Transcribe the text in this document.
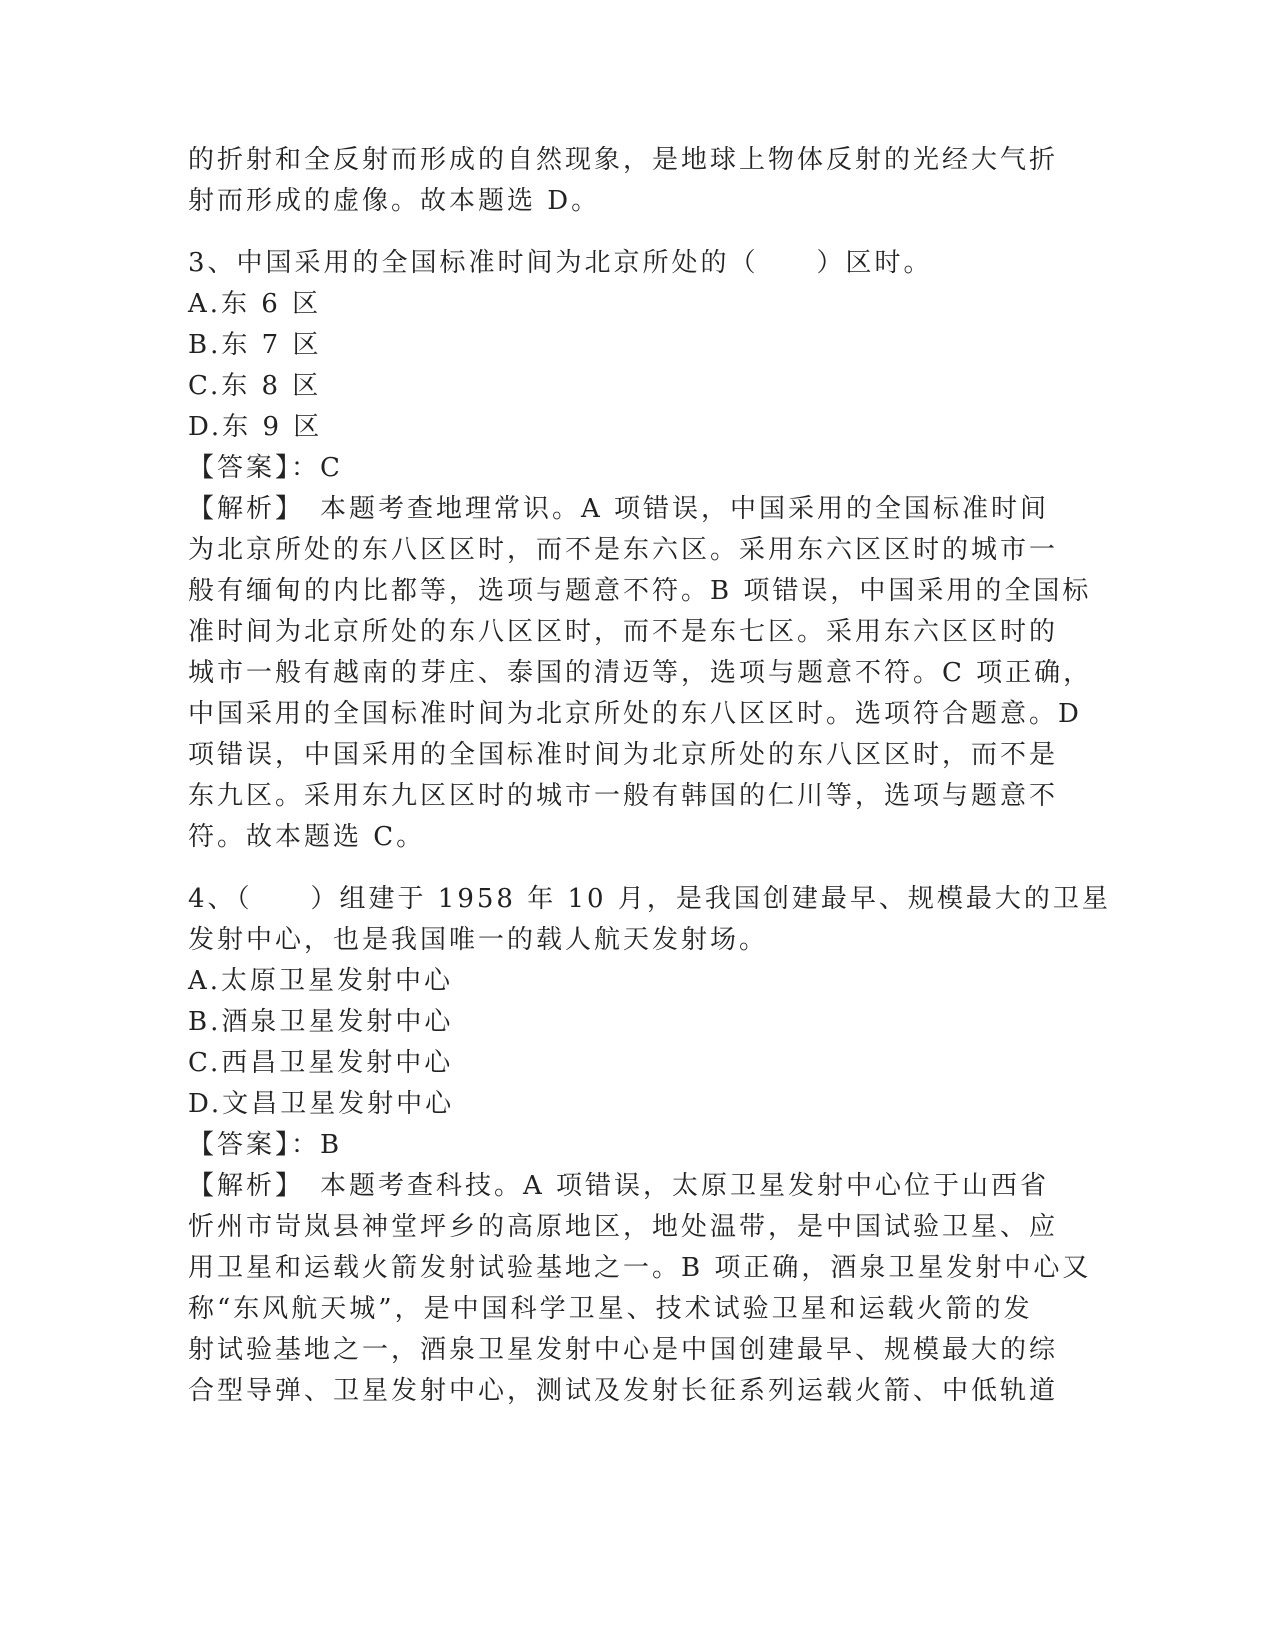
的折射和全反射而形成的自然现象，是地球上物体反射的光经大气折
射而形成的虚像。故本题选 D。
3、中国采用的全国标准时间为北京所处的（　　）区时。
A.东 6 区
B.东 7 区
C.东 8 区
D.东 9 区
【答案】：C
【解析】　本题考查地理常识。A 项错误，中国采用的全国标准时间
为北京所处的东八区区时，而不是东六区。采用东六区区时的城市一
般有缅甸的内比都等，选项与题意不符。B 项错误，中国采用的全国标
准时间为北京所处的东八区区时，而不是东七区。采用东六区区时的
城市一般有越南的芽庄、泰国的清迈等，选项与题意不符。C 项正确，
中国采用的全国标准时间为北京所处的东八区区时。选项符合题意。D
项错误，中国采用的全国标准时间为北京所处的东八区区时，而不是
东九区。采用东九区区时的城市一般有韩国的仁川等，选项与题意不
符。故本题选 C。
4、（　　）组建于 1958 年 10 月，是我国创建最早、规模最大的卫星
发射中心，也是我国唯一的载人航天发射场。
A.太原卫星发射中心
B.酒泉卫星发射中心
C.西昌卫星发射中心
D.文昌卫星发射中心
【答案】：B
【解析】　本题考查科技。A 项错误，太原卫星发射中心位于山西省
忻州市岢岚县神堂坪乡的高原地区，地处温带，是中国试验卫星、应
用卫星和运载火箭发射试验基地之一。B 项正确，酒泉卫星发射中心又
称“东风航天城”，是中国科学卫星、技术试验卫星和运载火箭的发
射试验基地之一，酒泉卫星发射中心是中国创建最早、规模最大的综
合型导弹、卫星发射中心，测试及发射长征系列运载火箭、中低轨道
